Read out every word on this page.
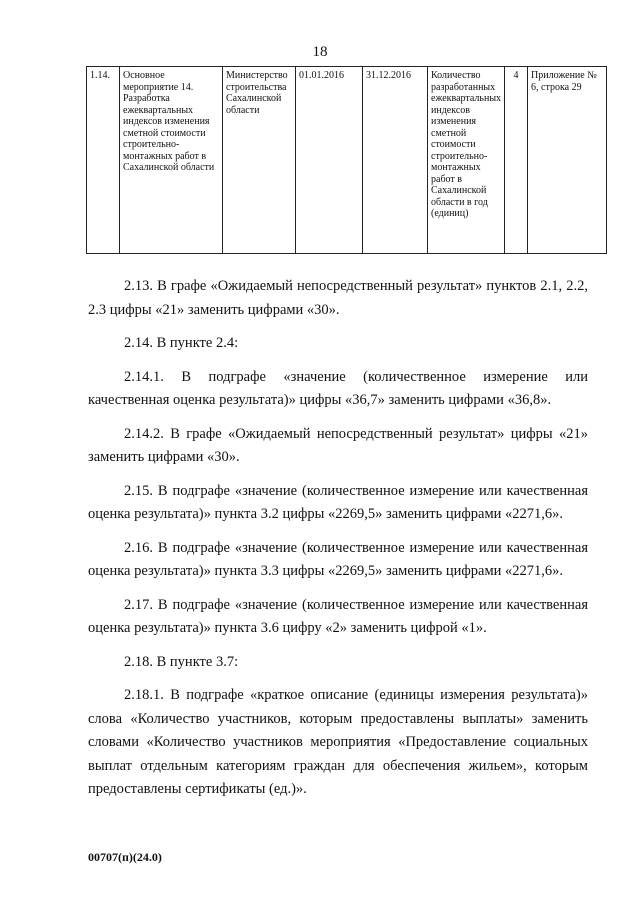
18
1.14.	Основное мероприятие 14. Разработка ежеквартальных индексов изменения сметной стоимости строительно-монтажных работ в Сахалинской области	Министерство строительства Сахалинской области	01.01.2016	31.12.2016	Количество разработанных ежеквартальных индексов изменения сметной стоимости строительно-монтажных работ в Сахалинской области в год (единиц)	4	Приложение № 6, строка 29

2.13. В графе «Ожидаемый непосредственный результат» пунктов 2.1, 2.2, 2.3 цифры «21» заменить цифрами «30».

2.14. В пункте 2.4:

2.14.1. В подграфе «значение (количественное измерение или качественная оценка результата)» цифры «36,7» заменить цифрами «36,8».

2.14.2. В графе «Ожидаемый непосредственный результат» цифры «21» заменить цифрами «30».

2.15. В подграфе «значение (количественное измерение или качественная оценка результата)» пункта 3.2 цифры «2269,5» заменить цифрами «2271,6».

2.16. В подграфе «значение (количественное измерение или качественная оценка результата)» пункта 3.3 цифры «2269,5» заменить цифрами «2271,6».

2.17. В подграфе «значение (количественное измерение или качественная оценка результата)» пункта 3.6 цифру «2» заменить цифрой «1».

2.18. В пункте 3.7:

2.18.1. В подграфе «краткое описание (единицы измерения результата)» слова «Количество участников, которым предоставлены выплаты» заменить словами «Количество участников мероприятия «Предоставление социальных выплат отдельным категориям граждан для обеспечения жильем», которым предоставлены сертификаты (ед.)».

00707(п)(24.0)
